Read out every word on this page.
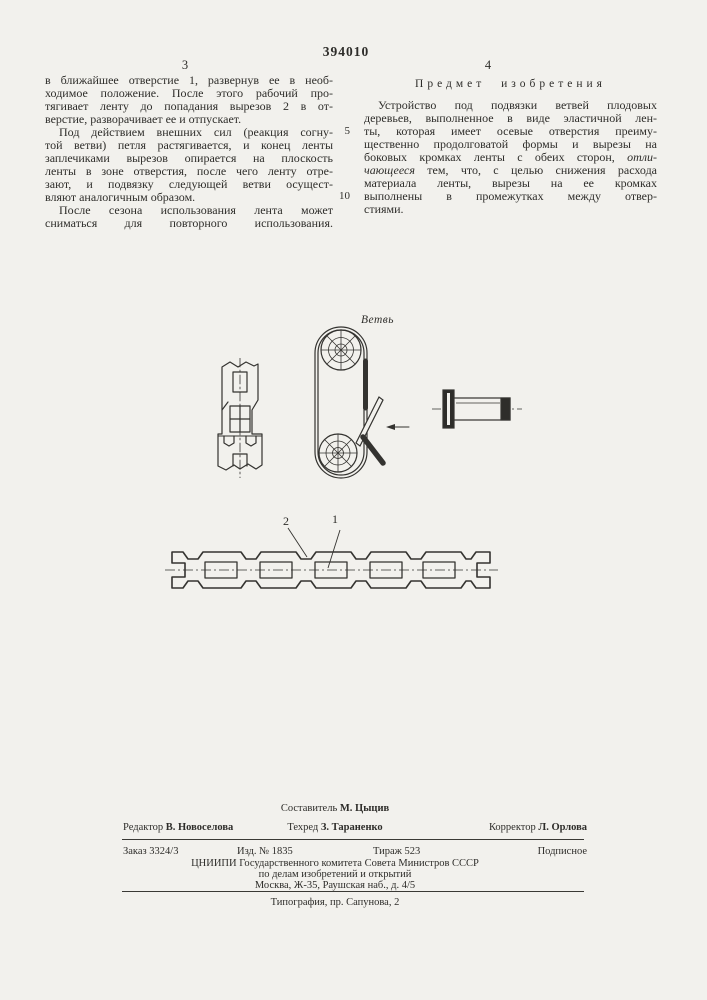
394010
3	4
в ближайшее отверстие 1, развернув ее в необ-
ходимое положение. После этого рабочий про-
тягивает ленту до попадания вырезов 2 в от-
верстие, разворачивает ее и отпускает.
Под действием внешних сил (реакция согну-
той ветви) петля растягивается, и конец ленты
заплечиками вырезов опирается на плоскость
ленты в зоне отверстия, после чего ленту отре-
зают, и подвязку следующей ветви осущест-
вляют аналогичным образом.
После сезона использования лента может
сниматься для повторного использования.
Предмет изобретения
Устройство под подвязки ветвей плодовых
деревьев, выполненное в виде эластичной лен-
ты, которая имеет осевые отверстия преиму-
щественно продолговатой формы и вырезы на
боковых кромках ленты с обеих сторон, отли-
чающееся тем, что, с целью снижения расхода
материала ленты, вырезы на ее кромках
выполнены в промежутках между отвер-
стиями.
5
10
Ветвь
2	1
Составитель М. Цыцив
Редактор В. Новоселова	Техред З. Тараненко	Корректор Л. Орлова
Заказ 3324/3	Изд. № 1835	Тираж 523	Подписное
ЦНИИПИ Государственного комитета Совета Министров СССР
по делам изобретений и открытий
Москва, Ж-35, Раушская наб., д. 4/5
Типография, пр. Сапунова, 2
